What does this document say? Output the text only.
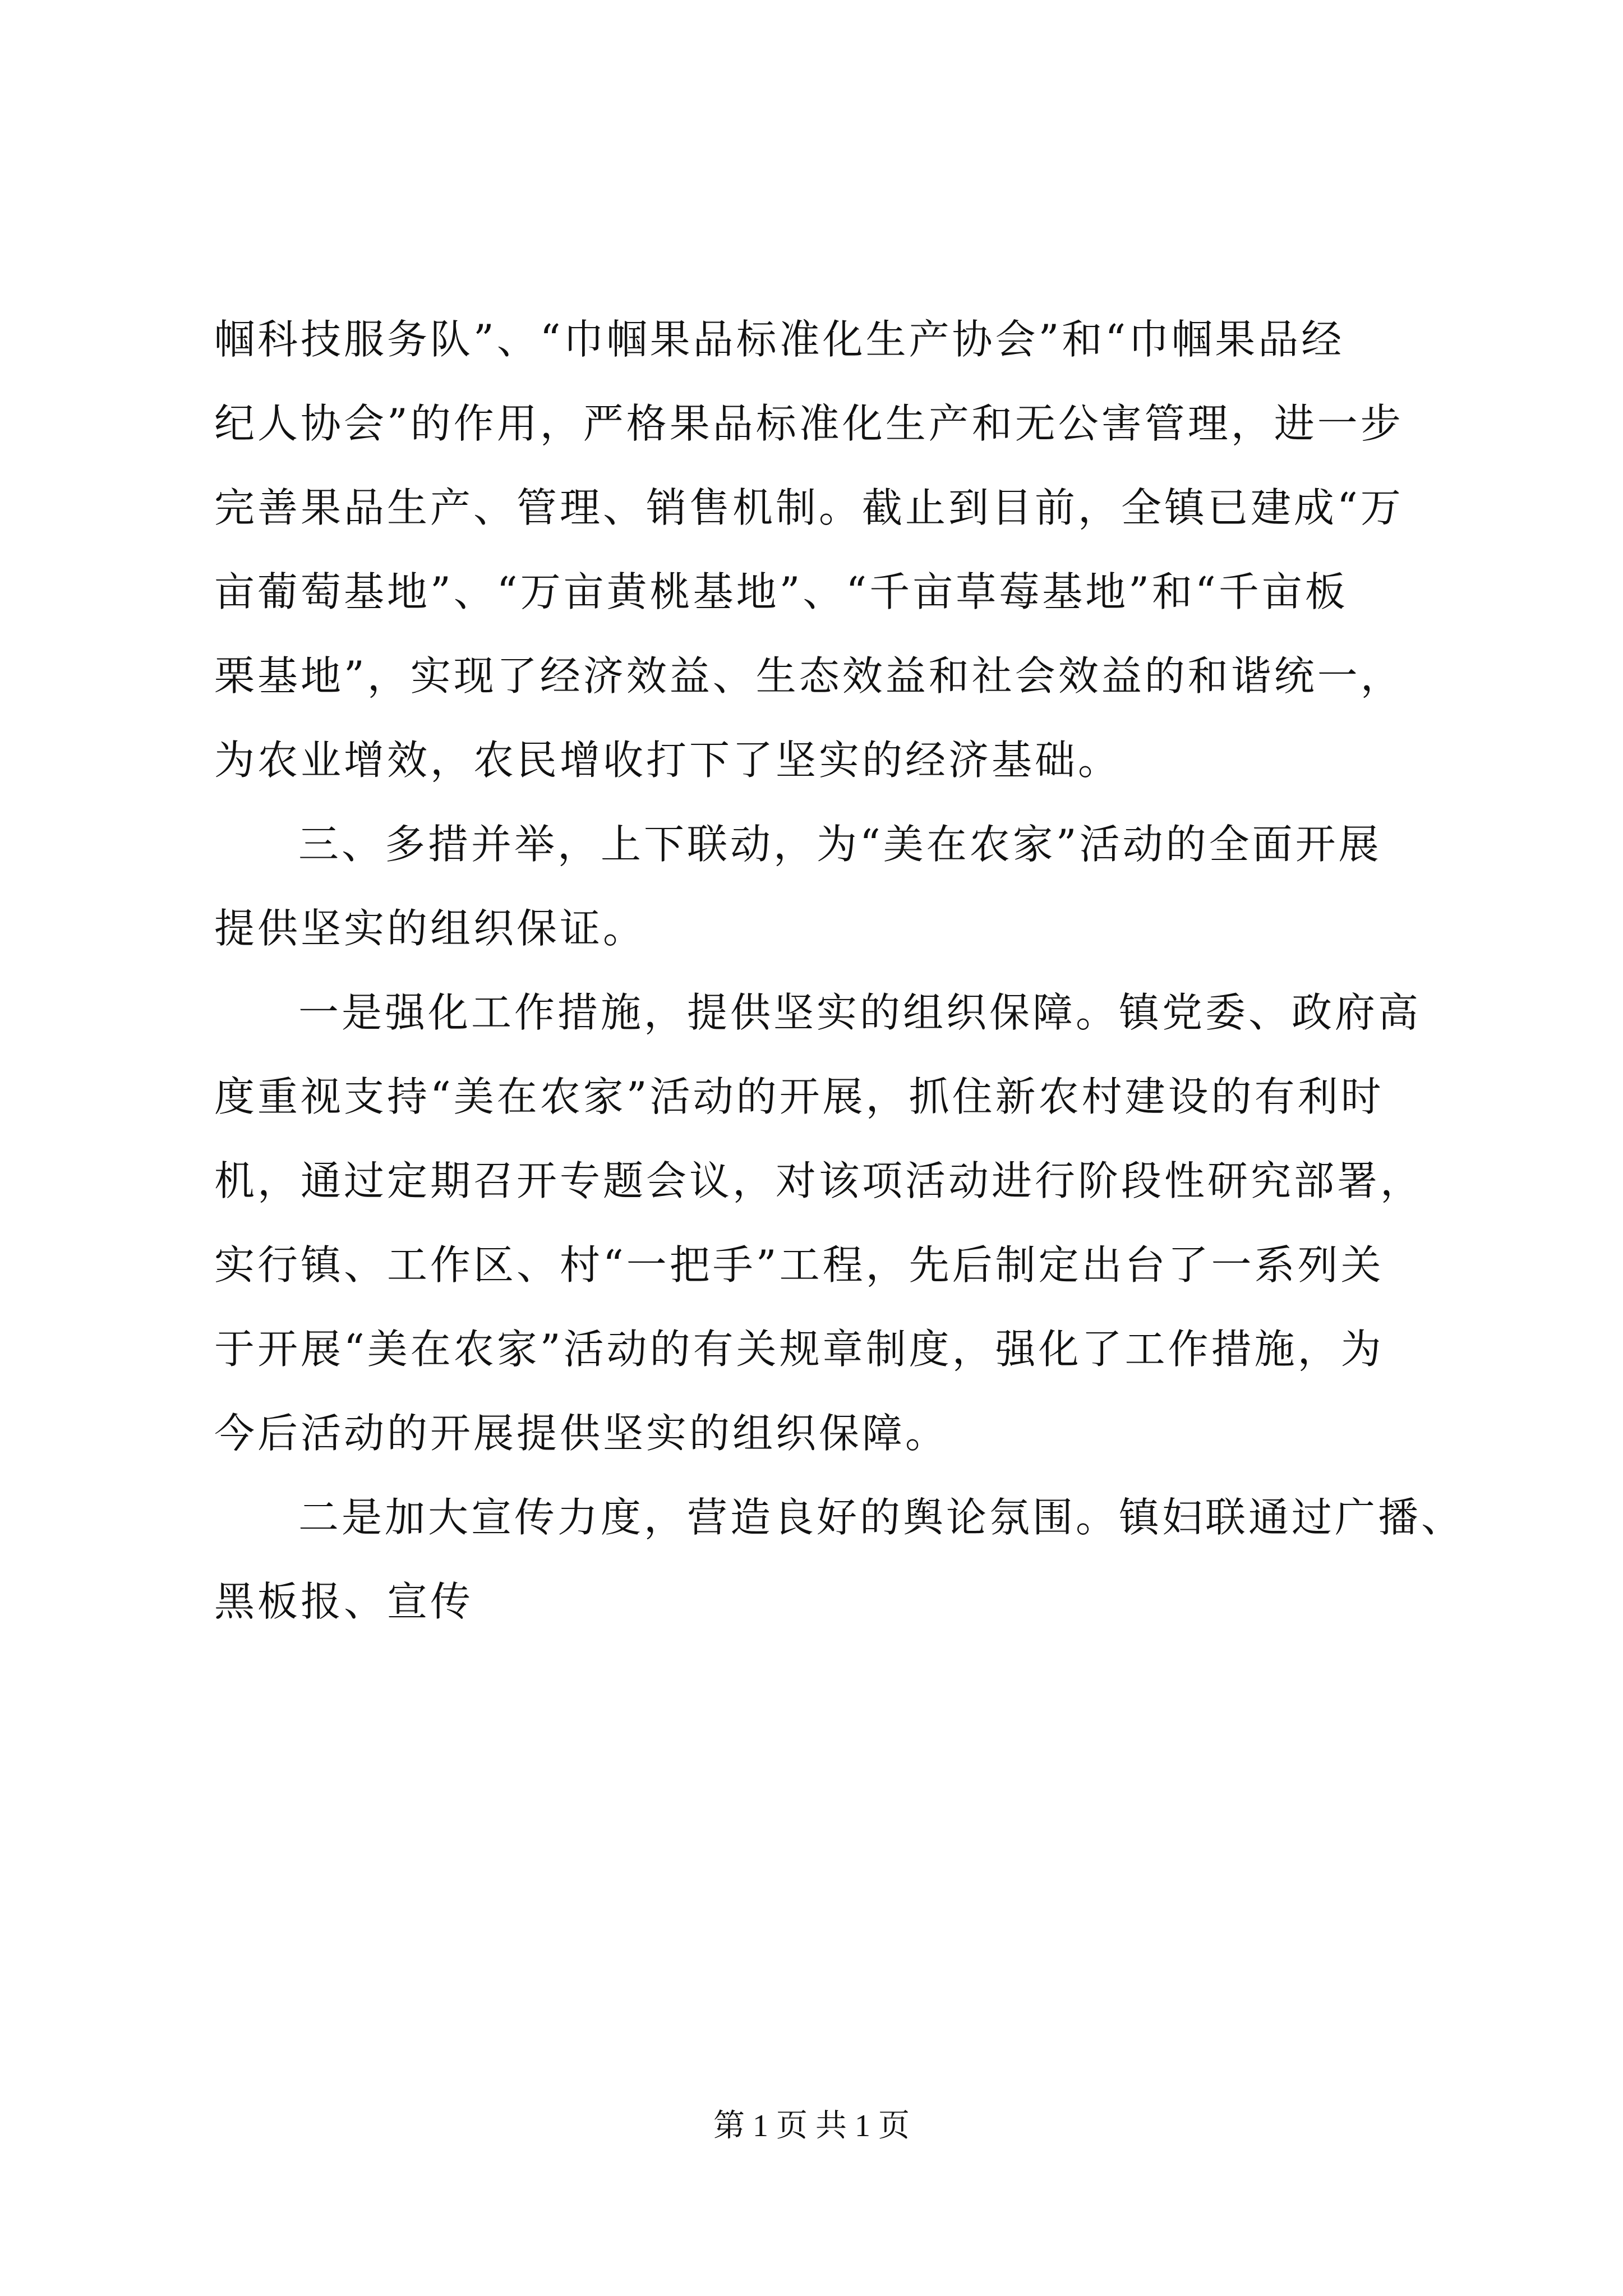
帼科技服务队”、“巾帼果品标准化生产协会”和“巾帼果品经
纪人协会”的作用，严格果品标准化生产和无公害管理，进一步
完善果品生产、管理、销售机制。截止到目前，全镇已建成“万
亩葡萄基地”、“万亩黄桃基地”、“千亩草莓基地”和“千亩板
栗基地”，实现了经济效益、生态效益和社会效益的和谐统一，
为农业增效，农民增收打下了坚实的经济基础。
三、多措并举，上下联动，为“美在农家”活动的全面开展
提供坚实的组织保证。
一是强化工作措施，提供坚实的组织保障。镇党委、政府高
度重视支持“美在农家”活动的开展，抓住新农村建设的有利时
机，通过定期召开专题会议，对该项活动进行阶段性研究部署，
实行镇、工作区、村“一把手”工程，先后制定出台了一系列关
于开展“美在农家”活动的有关规章制度，强化了工作措施，为
今后活动的开展提供坚实的组织保障。
二是加大宣传力度，营造良好的舆论氛围。镇妇联通过广播、
黑板报、宣传
第 1 页 共 1 页
